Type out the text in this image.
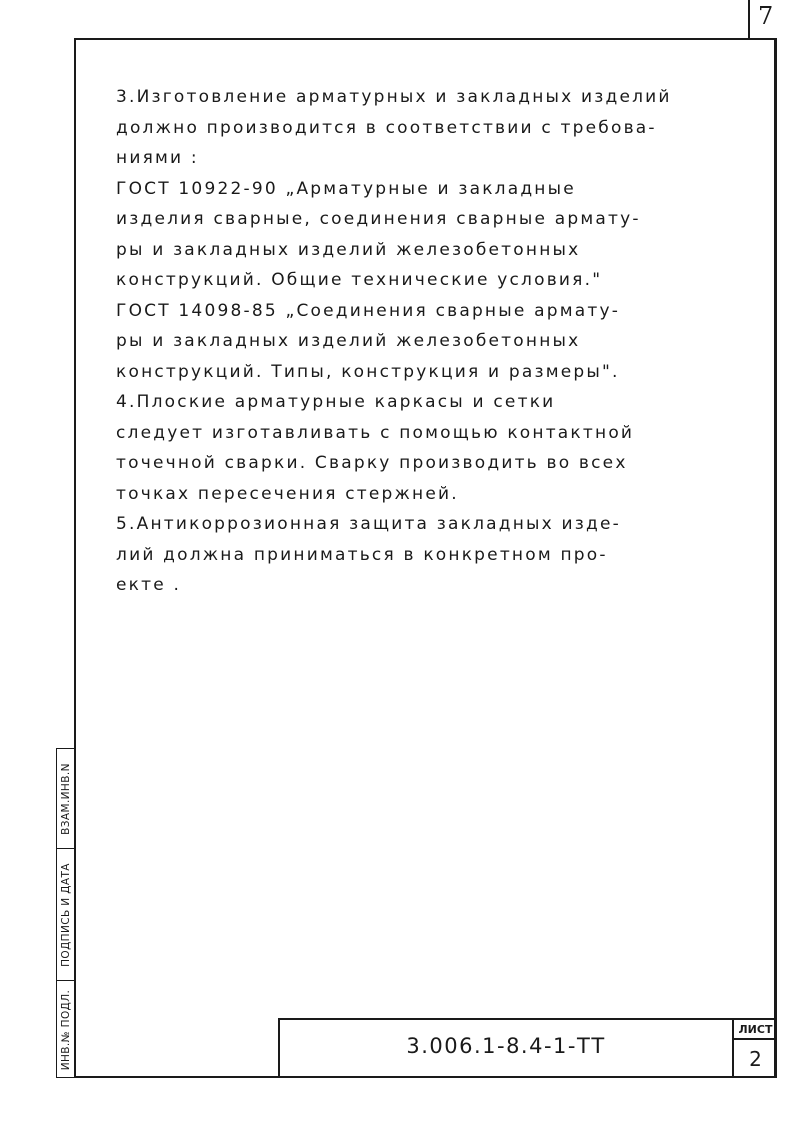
7
3.Изготовление арматурных и закладных изделий
должно производится в соответствии с требова-
ниями :
ГОСТ 10922-90 „Арматурные и закладные
изделия сварные, соединения сварные армату-
ры и закладных изделий железобетонных
конструкций. Общие технические условия."
ГОСТ 14098-85 „Соединения сварные армату-
ры и закладных изделий железобетонных
конструкций. Типы, конструкция и размеры".
4.Плоские арматурные каркасы и сетки
следует изготавливать с помощью контактной
точечной сварки. Сварку производить во всех
точках пересечения стержней.
5.Антикоррозионная защита закладных изде-
лий должна приниматься в конкретном про-
екте .
ВЗАМ.ИНВ.N
ПОДПИСЬ И ДАТА
ИНВ.№ ПОДЛ.	3.006.1-8.4-1-ТТ
ЛИСТ
2
